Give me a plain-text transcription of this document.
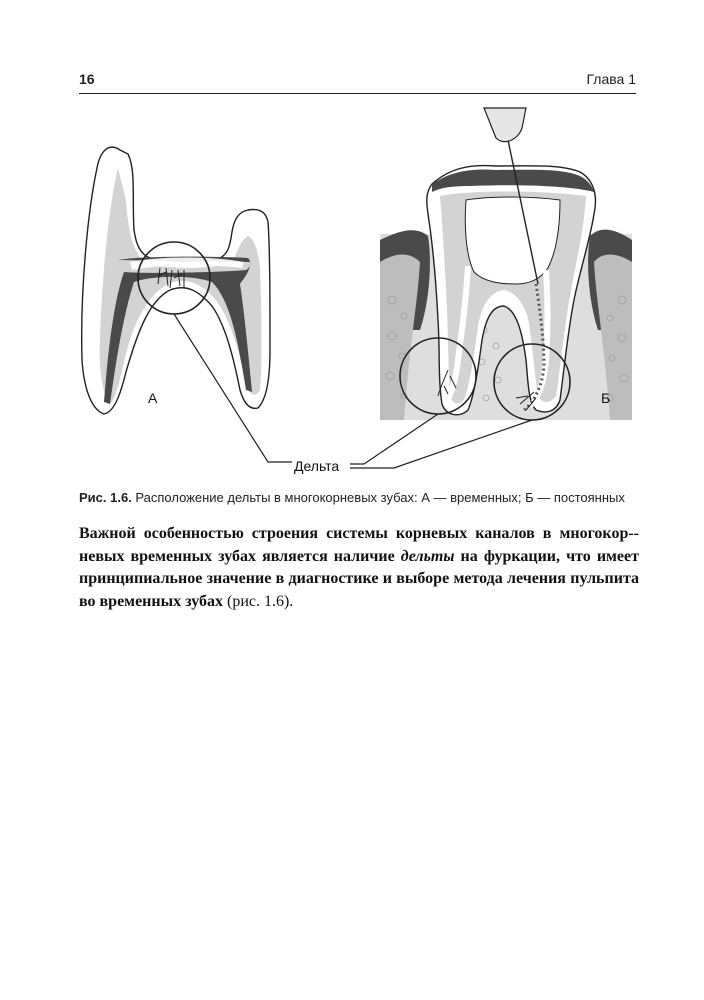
16	Глава 1
А	Б
Дельта
Рис. 1.6. Расположение дельты в многокорневых зубах: А — временных; Б — постоянных
Важной особенностью строения системы корневых каналов в многокор-невых временных зубах является наличие дельты на фуркации, что имеет принципиальное значение в диагностике и выборе метода лечения пульпита во временных зубах (рис. 1.6).
